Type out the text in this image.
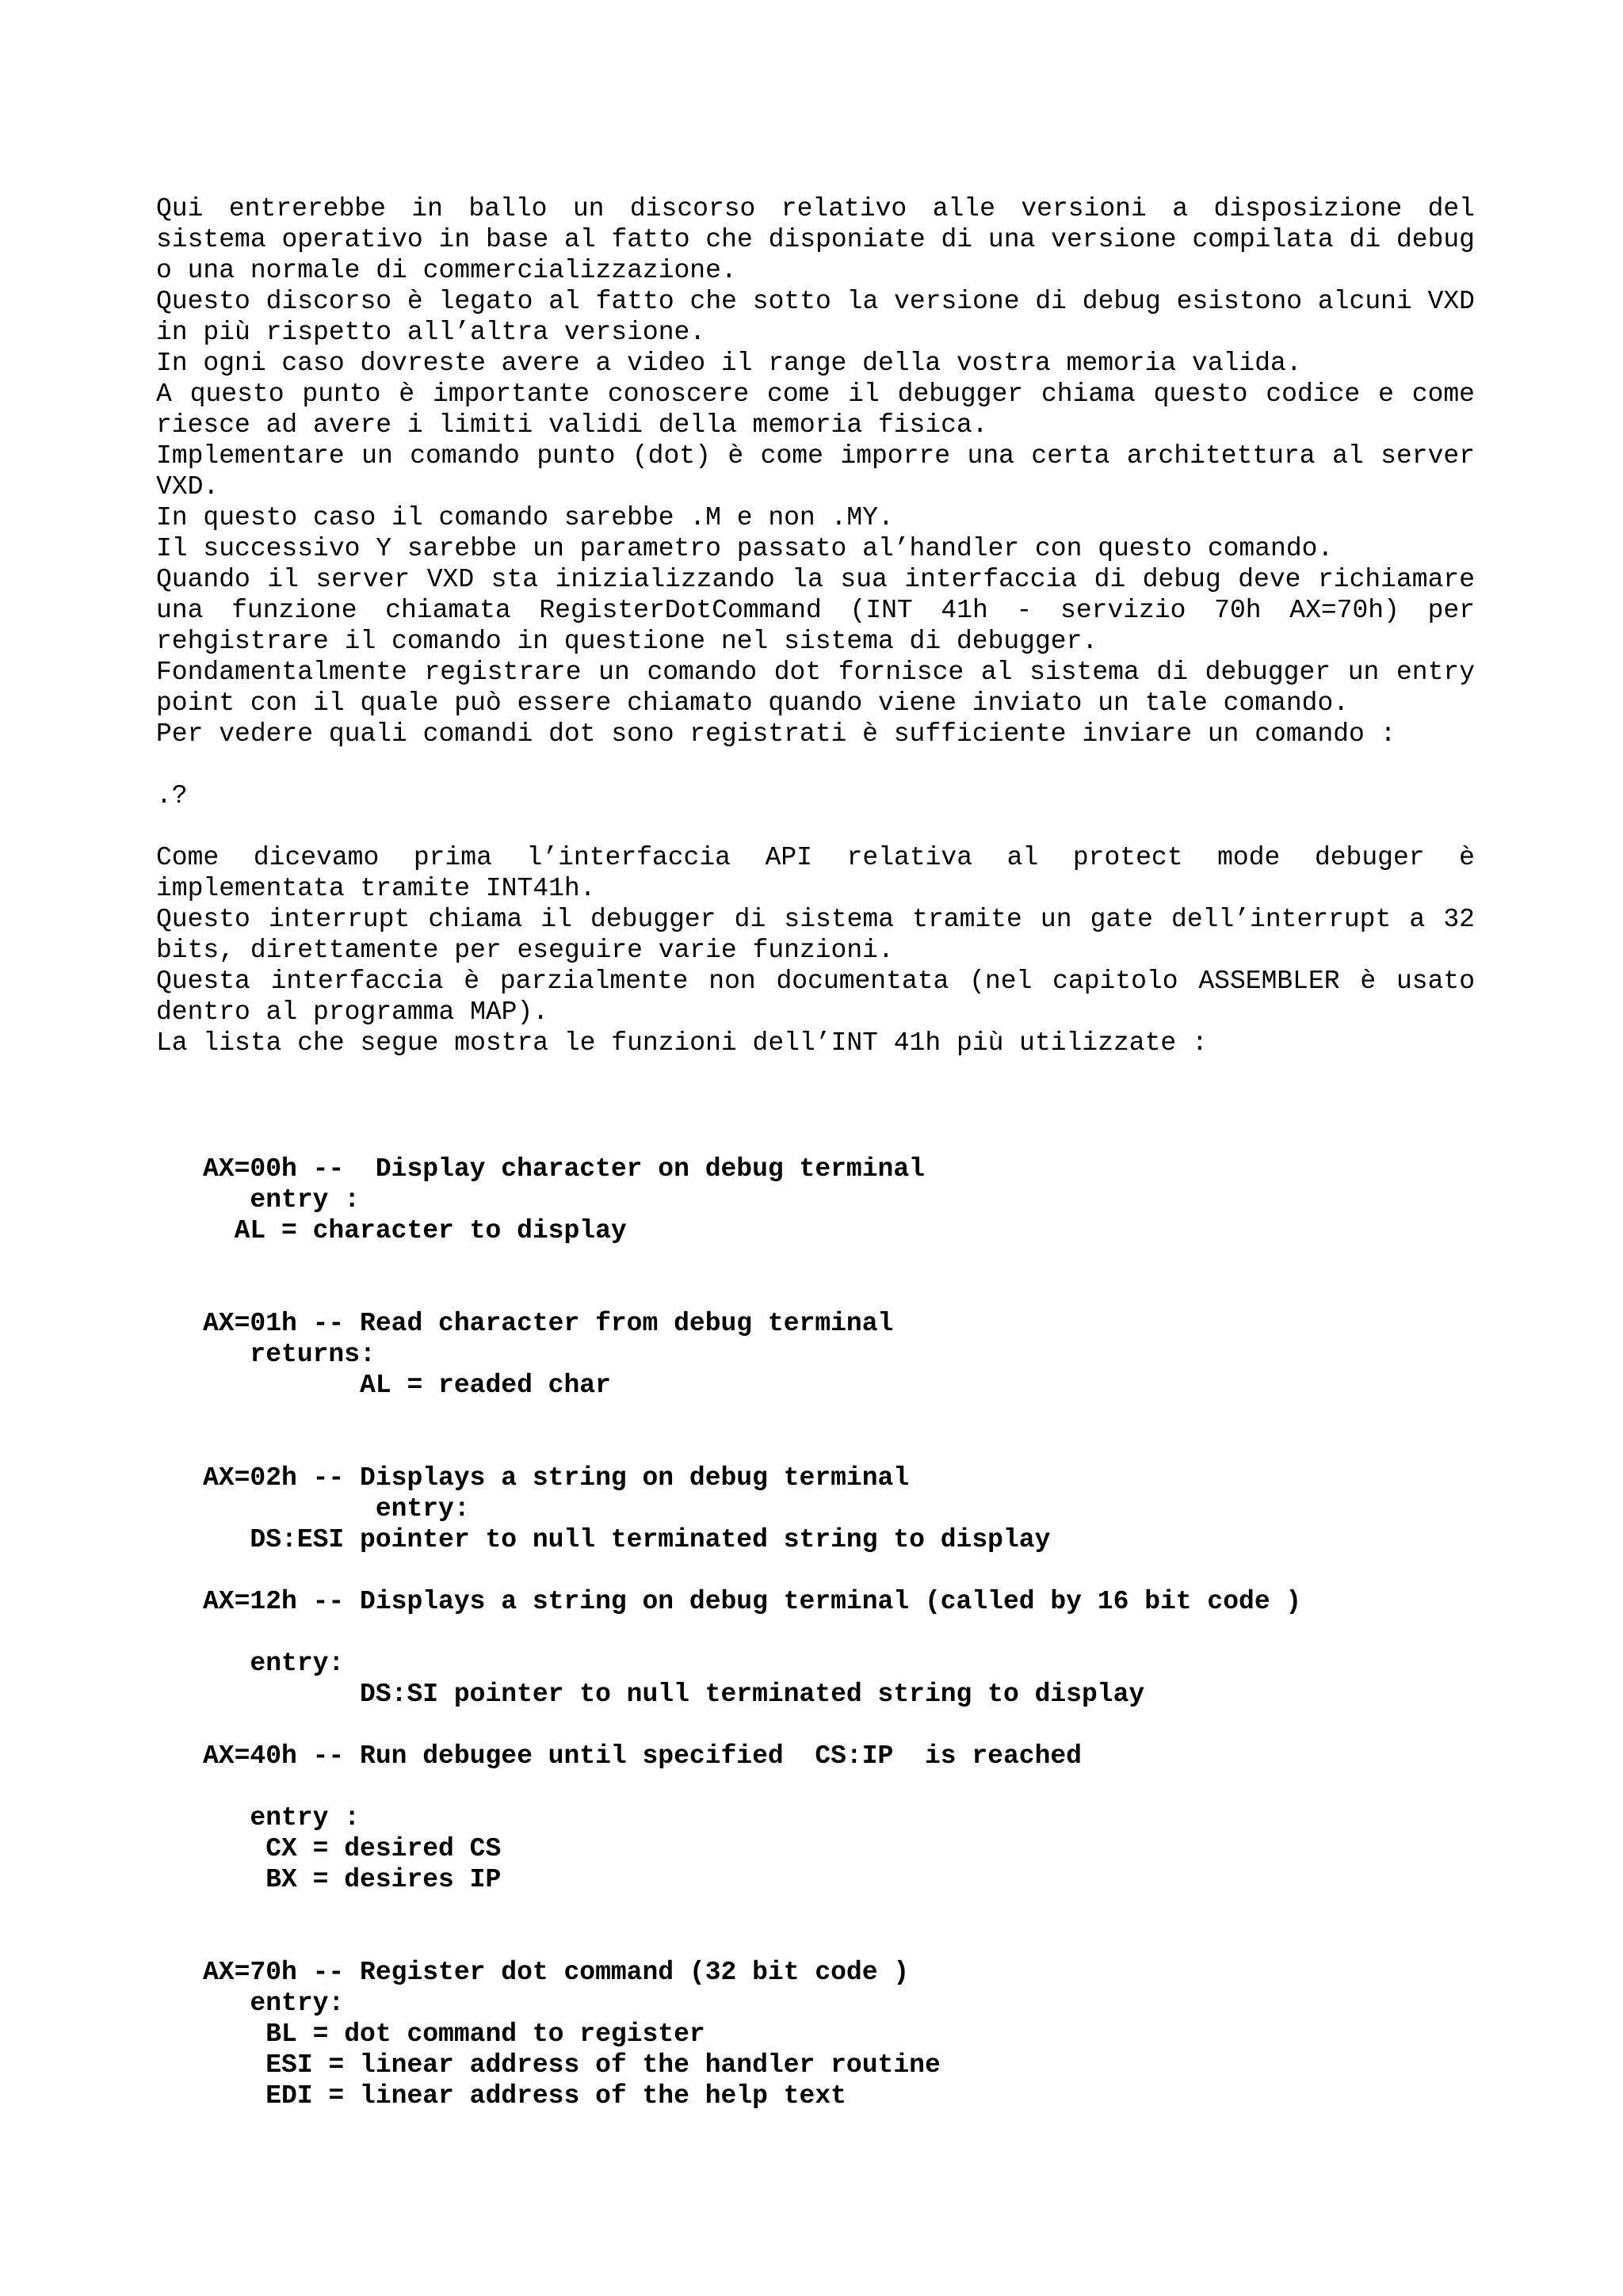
Qui entrerebbe in ballo un discorso relativo alle versioni a disposizione del sistema operativo in base al fatto che disponiate di una versione compilata di debug o una normale di commercializzazione.

Questo discorso è legato al fatto che sotto la versione di debug esistono alcuni VXD in più rispetto all’altra versione.

In ogni caso dovreste avere a video il range della vostra memoria valida.

A questo punto è importante conoscere come il debugger chiama questo codice e come riesce ad avere i limiti validi della memoria fisica.

Implementare un comando punto (dot) è come imporre una certa architettura al server VXD.

In questo caso il comando sarebbe .M e non .MY.

Il successivo Y sarebbe un parametro passato al’handler con questo comando.

Quando il server VXD sta inizializzando la sua interfaccia di debug deve richiamare una funzione chiamata RegisterDotCommand (INT 41h - servizio 70h AX=70h) per rehgistrare il comando in questione nel sistema di debugger.

Fondamentalmente registrare un comando dot fornisce al sistema di debugger un entry point con il quale può essere chiamato quando viene inviato un tale comando.

Per vedere quali comandi dot sono registrati è sufficiente inviare un comando :

.?

Come dicevamo prima l’interfaccia API relativa al protect mode debuger è implementata tramite INT41h.

Questo interrupt chiama il debugger di sistema tramite un gate dell’interrupt a 32 bits, direttamente per eseguire varie funzioni.

Questa interfaccia è parzialmente non documentata (nel capitolo ASSEMBLER è usato dentro al programma MAP).

La lista che segue mostra le funzioni dell’INT 41h più utilizzate :

AX=00h --  Display character on debug terminal
entry :
AL = character to display
AX=01h -- Read character from debug terminal
returns:
AL = readed char
AX=02h -- Displays a string on debug terminal
entry:
DS:ESI pointer to null terminated string to display
AX=12h -- Displays a string on debug terminal (called by 16 bit code )
entry:
DS:SI pointer to null terminated string to display
AX=40h -- Run debugee until specified  CS:IP  is reached
entry :
CX = desired CS
BX = desires IP
AX=70h -- Register dot command (32 bit code )
entry:
BL = dot command to register
ESI = linear address of the handler routine
EDI = linear address of the help text
